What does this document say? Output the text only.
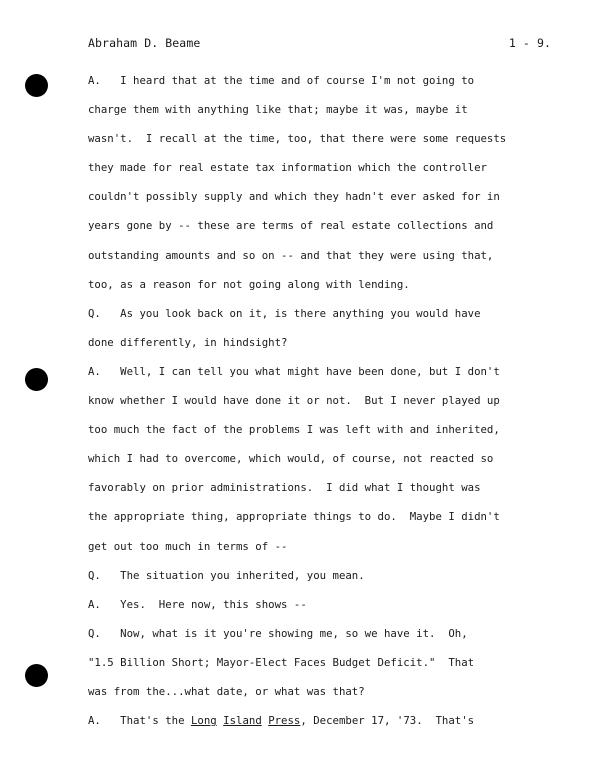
Abraham D. Beame	1 - 9.
A.   I heard that at the time and of course I'm not going to
charge them with anything like that; maybe it was, maybe it
wasn't.  I recall at the time, too, that there were some requests
they made for real estate tax information which the controller
couldn't possibly supply and which they hadn't ever asked for in
years gone by -- these are terms of real estate collections and
outstanding amounts and so on -- and that they were using that,
too, as a reason for not going along with lending.
Q.   As you look back on it, is there anything you would have
done differently, in hindsight?
A.   Well, I can tell you what might have been done, but I don't
know whether I would have done it or not.  But I never played up
too much the fact of the problems I was left with and inherited,
which I had to overcome, which would, of course, not reacted so
favorably on prior administrations.  I did what I thought was
the appropriate thing, appropriate things to do.  Maybe I didn't
get out too much in terms of --
Q.   The situation you inherited, you mean.
A.   Yes.  Here now, this shows --
Q.   Now, what is it you're showing me, so we have it.  Oh,
"1.5 Billion Short; Mayor-Elect Faces Budget Deficit."  That
was from the...what date, or what was that?
A.   That's the Long Island Press, December 17, '73.  That's
